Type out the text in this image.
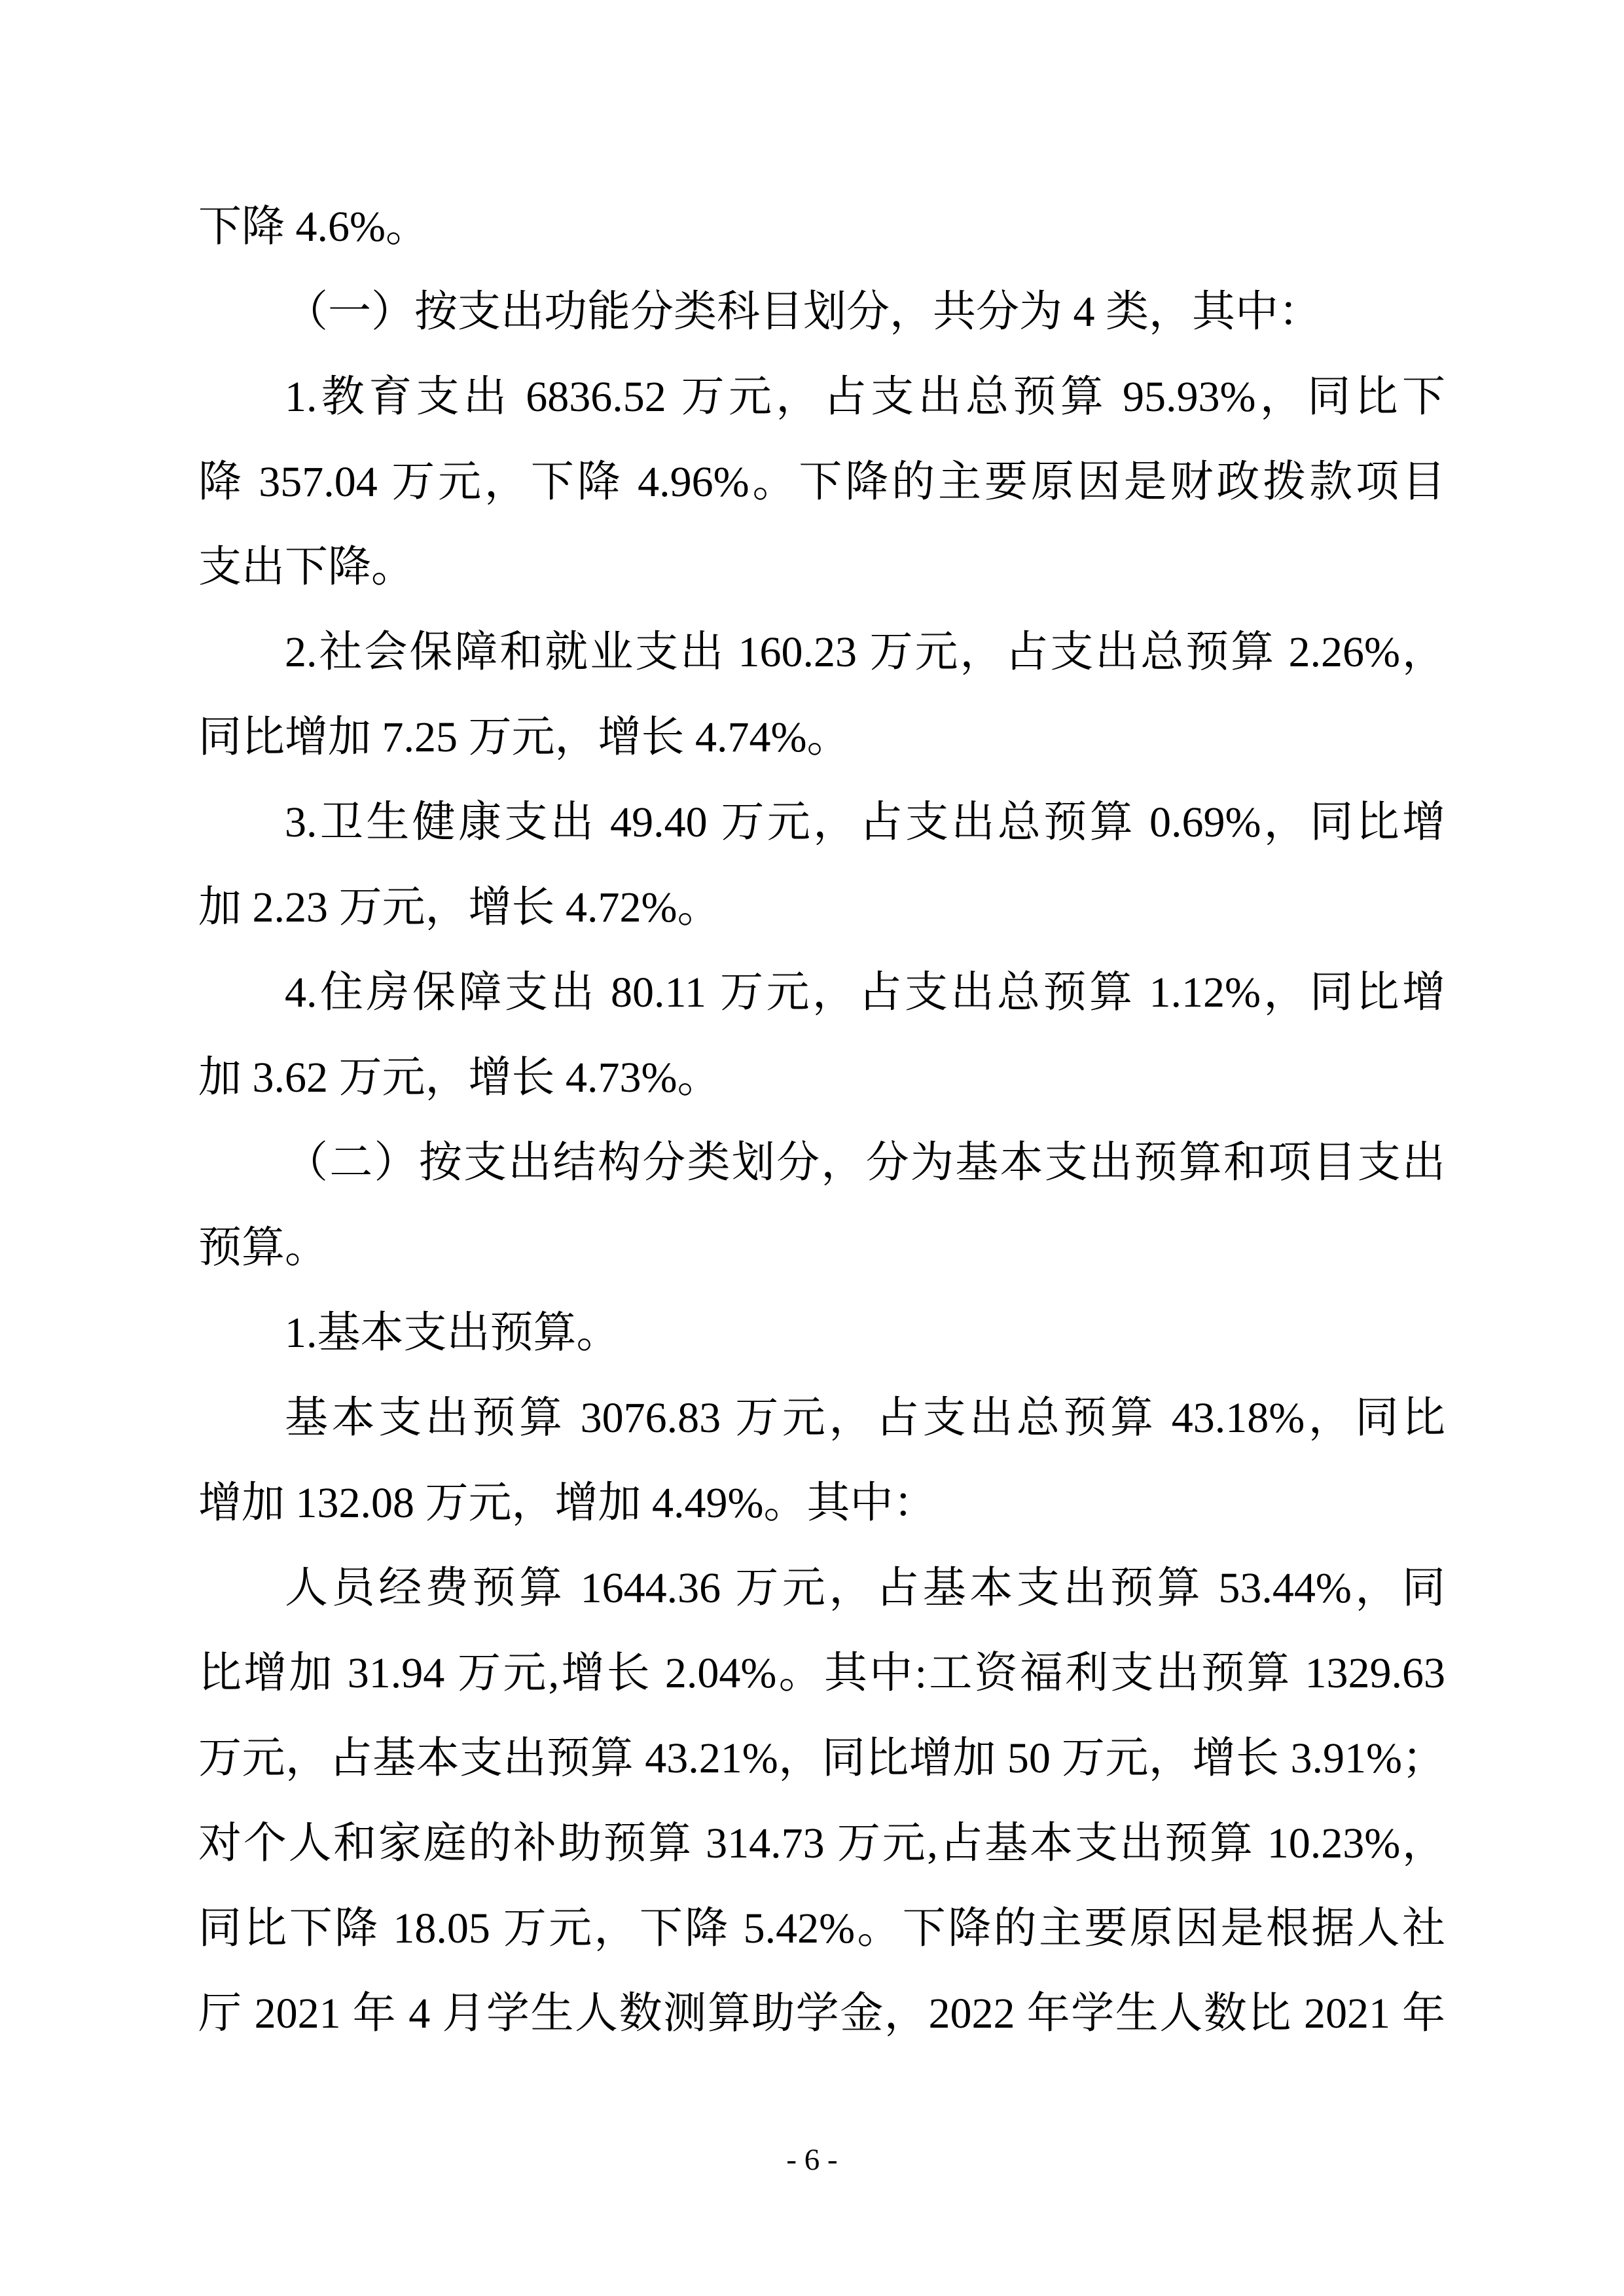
下降 4.6%。
（一）按支出功能分类科目划分，共分为 4 类，其中：
1.教育支出 6836.52 万元，占支出总预算 95.93%，同比下
降 357.04 万元，下降 4.96%。下降的主要原因是财政拨款项目
支出下降。
2.社会保障和就业支出 160.23 万元，占支出总预算 2.26%，
同比增加 7.25 万元，增长 4.74%。
3.卫生健康支出 49.40 万元，占支出总预算 0.69%，同比增
加 2.23 万元，增长 4.72%。
4.住房保障支出 80.11 万元，占支出总预算 1.12%，同比增
加 3.62 万元，增长 4.73%。
（二）按支出结构分类划分，分为基本支出预算和项目支出
预算。
1.基本支出预算。
基本支出预算 3076.83 万元，占支出总预算 43.18%，同比
增加 132.08 万元，增加 4.49%。其中：
人员经费预算 1644.36 万元，占基本支出预算 53.44%，同
比增加 31.94 万元,增长 2.04%。其中:工资福利支出预算 1329.63
万元，占基本支出预算 43.21%，同比增加 50 万元，增长 3.91%；
对个人和家庭的补助预算 314.73 万元,占基本支出预算 10.23%，
同比下降 18.05 万元，下降 5.42%。下降的主要原因是根据人社
厅 2021 年 4 月学生人数测算助学金，2022 年学生人数比 2021 年
- 6 -
